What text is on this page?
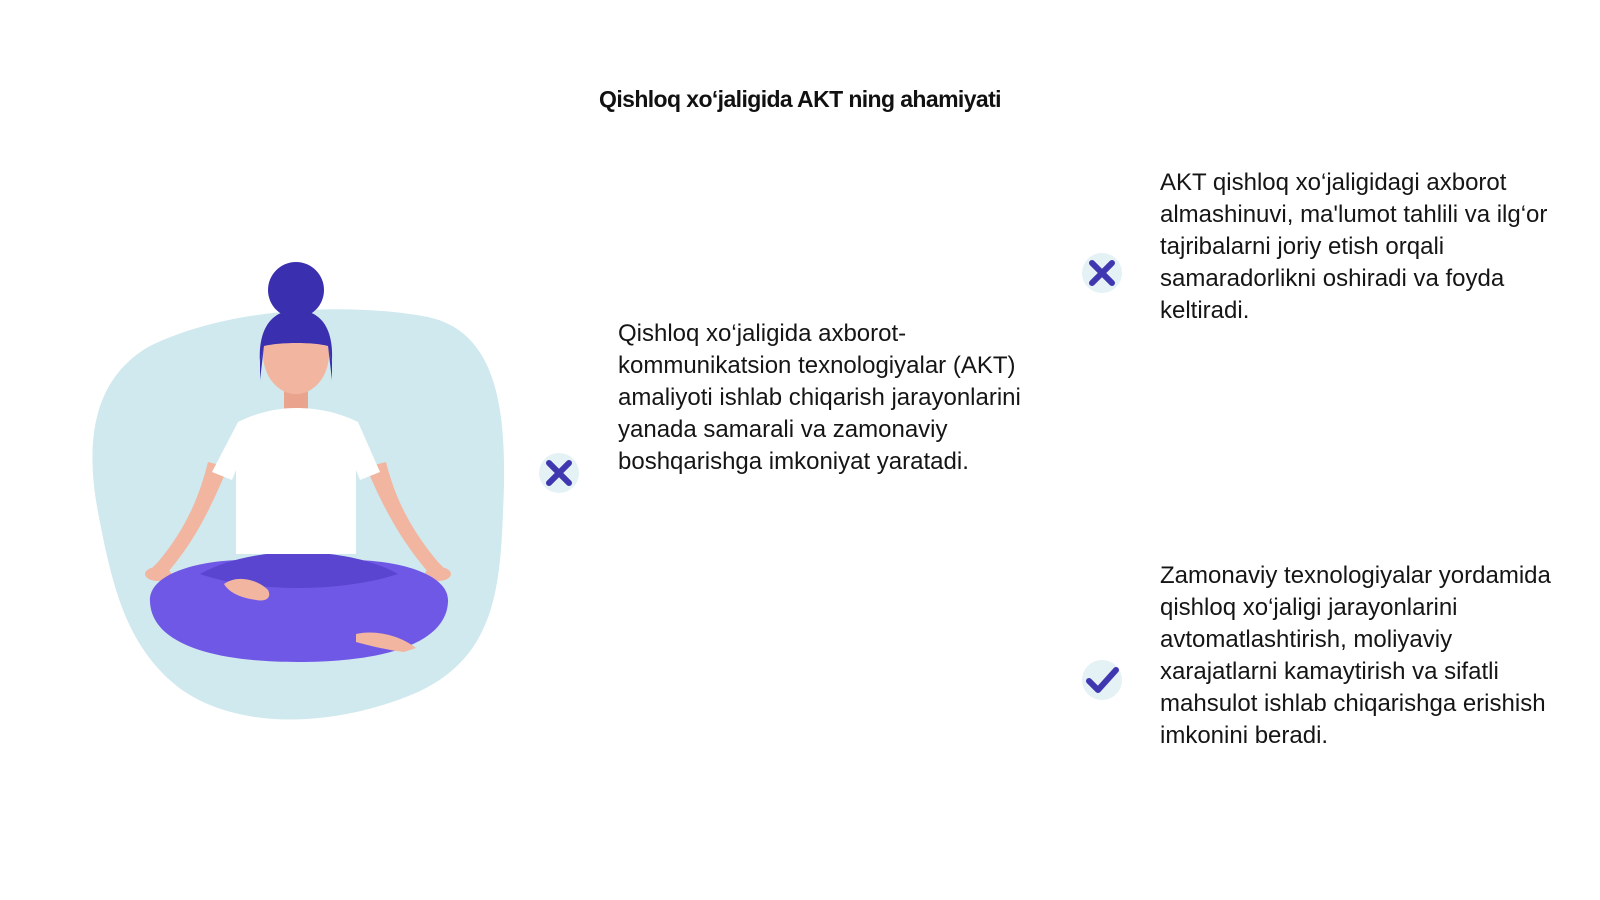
Qishloq xo‘jaligida AKT ning ahamiyati
Qishloq xo‘jaligida axborot-kommunikatsion texnologiyalar (AKT) amaliyoti ishlab chiqarish jarayonlarini yanada samarali va zamonaviy boshqarishga imkoniyat yaratadi.
AKT qishloq xo‘jaligidagi axborot almashinuvi, ma'lumot tahlili va ilg‘or tajribalarni joriy etish orqali samaradorlikni oshiradi va foyda keltiradi.
Zamonaviy texnologiyalar yordamida qishloq xo‘jaligi jarayonlarini avtomatlashtirish, moliyaviy xarajatlarni kamaytirish va sifatli mahsulot ishlab chiqarishga erishish imkonini beradi.
